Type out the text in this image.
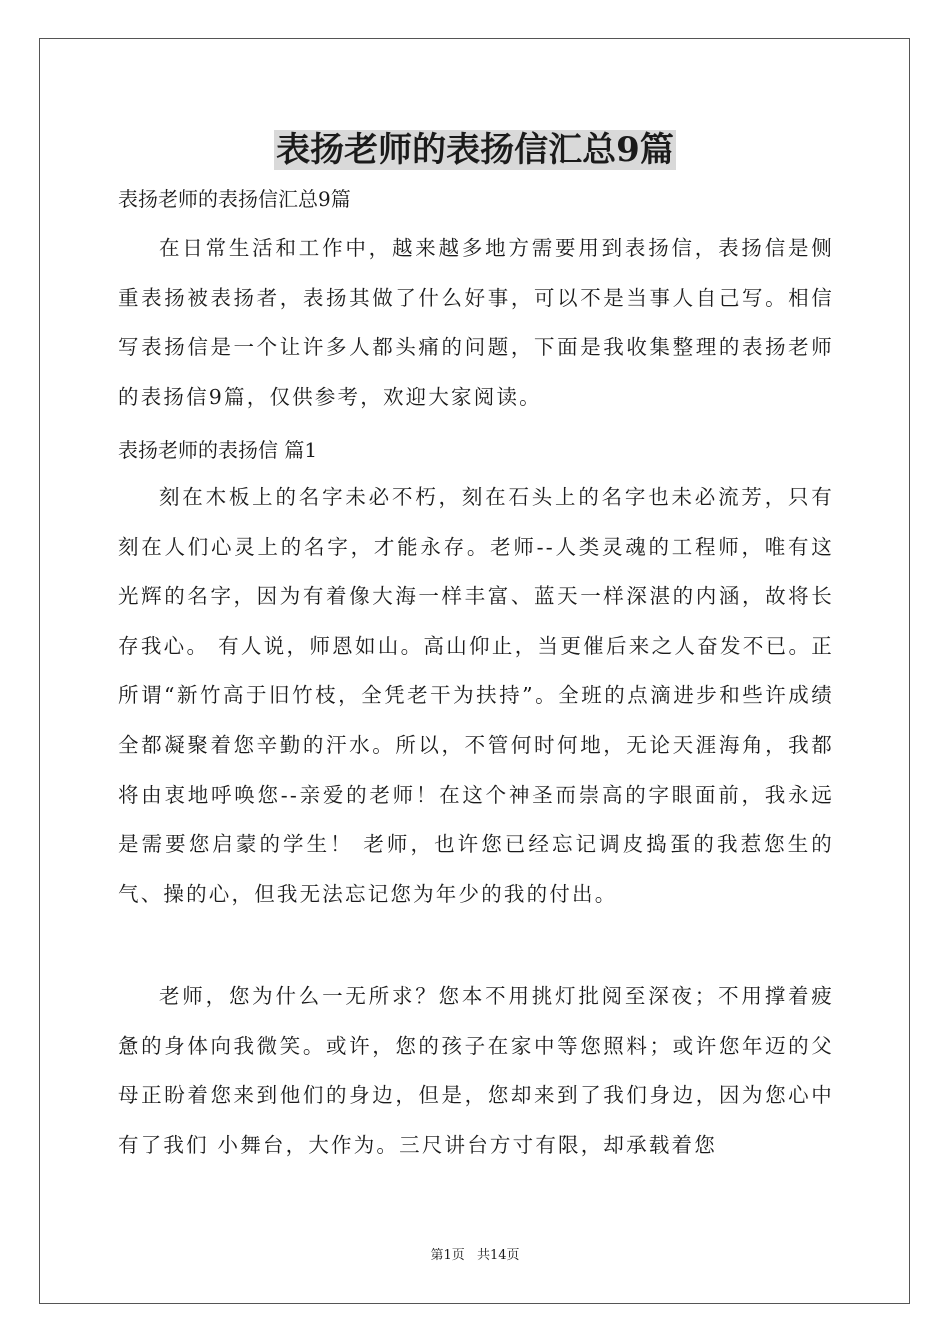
表扬老师的表扬信汇总9篇
表扬老师的表扬信汇总9篇

在日常生活和工作中，越来越多地方需要用到表扬信，表扬信是侧重表扬被表扬者，表扬其做了什么好事，可以不是当事人自己写。相信写表扬信是一个让许多人都头痛的问题，下面是我收集整理的表扬老师的表扬信9篇，仅供参考，欢迎大家阅读。

表扬老师的表扬信 篇1

刻在木板上的名字未必不朽，刻在石头上的名字也未必流芳，只有刻在人们心灵上的名字，才能永存。老师--人类灵魂的工程师，唯有这光辉的名字，因为有着像大海一样丰富、蓝天一样深湛的内涵，故将长存我心。 有人说，师恩如山。高山仰止，当更催后来之人奋发不已。正所谓“新竹高于旧竹枝，全凭老干为扶持”。全班的点滴进步和些许成绩全都凝聚着您辛勤的汗水。所以，不管何时何地，无论天涯海角，我都将由衷地呼唤您--亲爱的老师！在这个神圣而崇高的字眼面前，我永远是需要您启蒙的学生！ 老师，也许您已经忘记调皮捣蛋的我惹您生的气、操的心，但我无法忘记您为年少的我的付出。

老师，您为什么一无所求？您本不用挑灯批阅至深夜；不用撑着疲惫的身体向我微笑。或许，您的孩子在家中等您照料；或许您年迈的父母正盼着您来到他们的身边，但是，您却来到了我们身边，因为您心中有了我们 小舞台，大作为。三尺讲台方寸有限，却承载着您

第1页 共14页
